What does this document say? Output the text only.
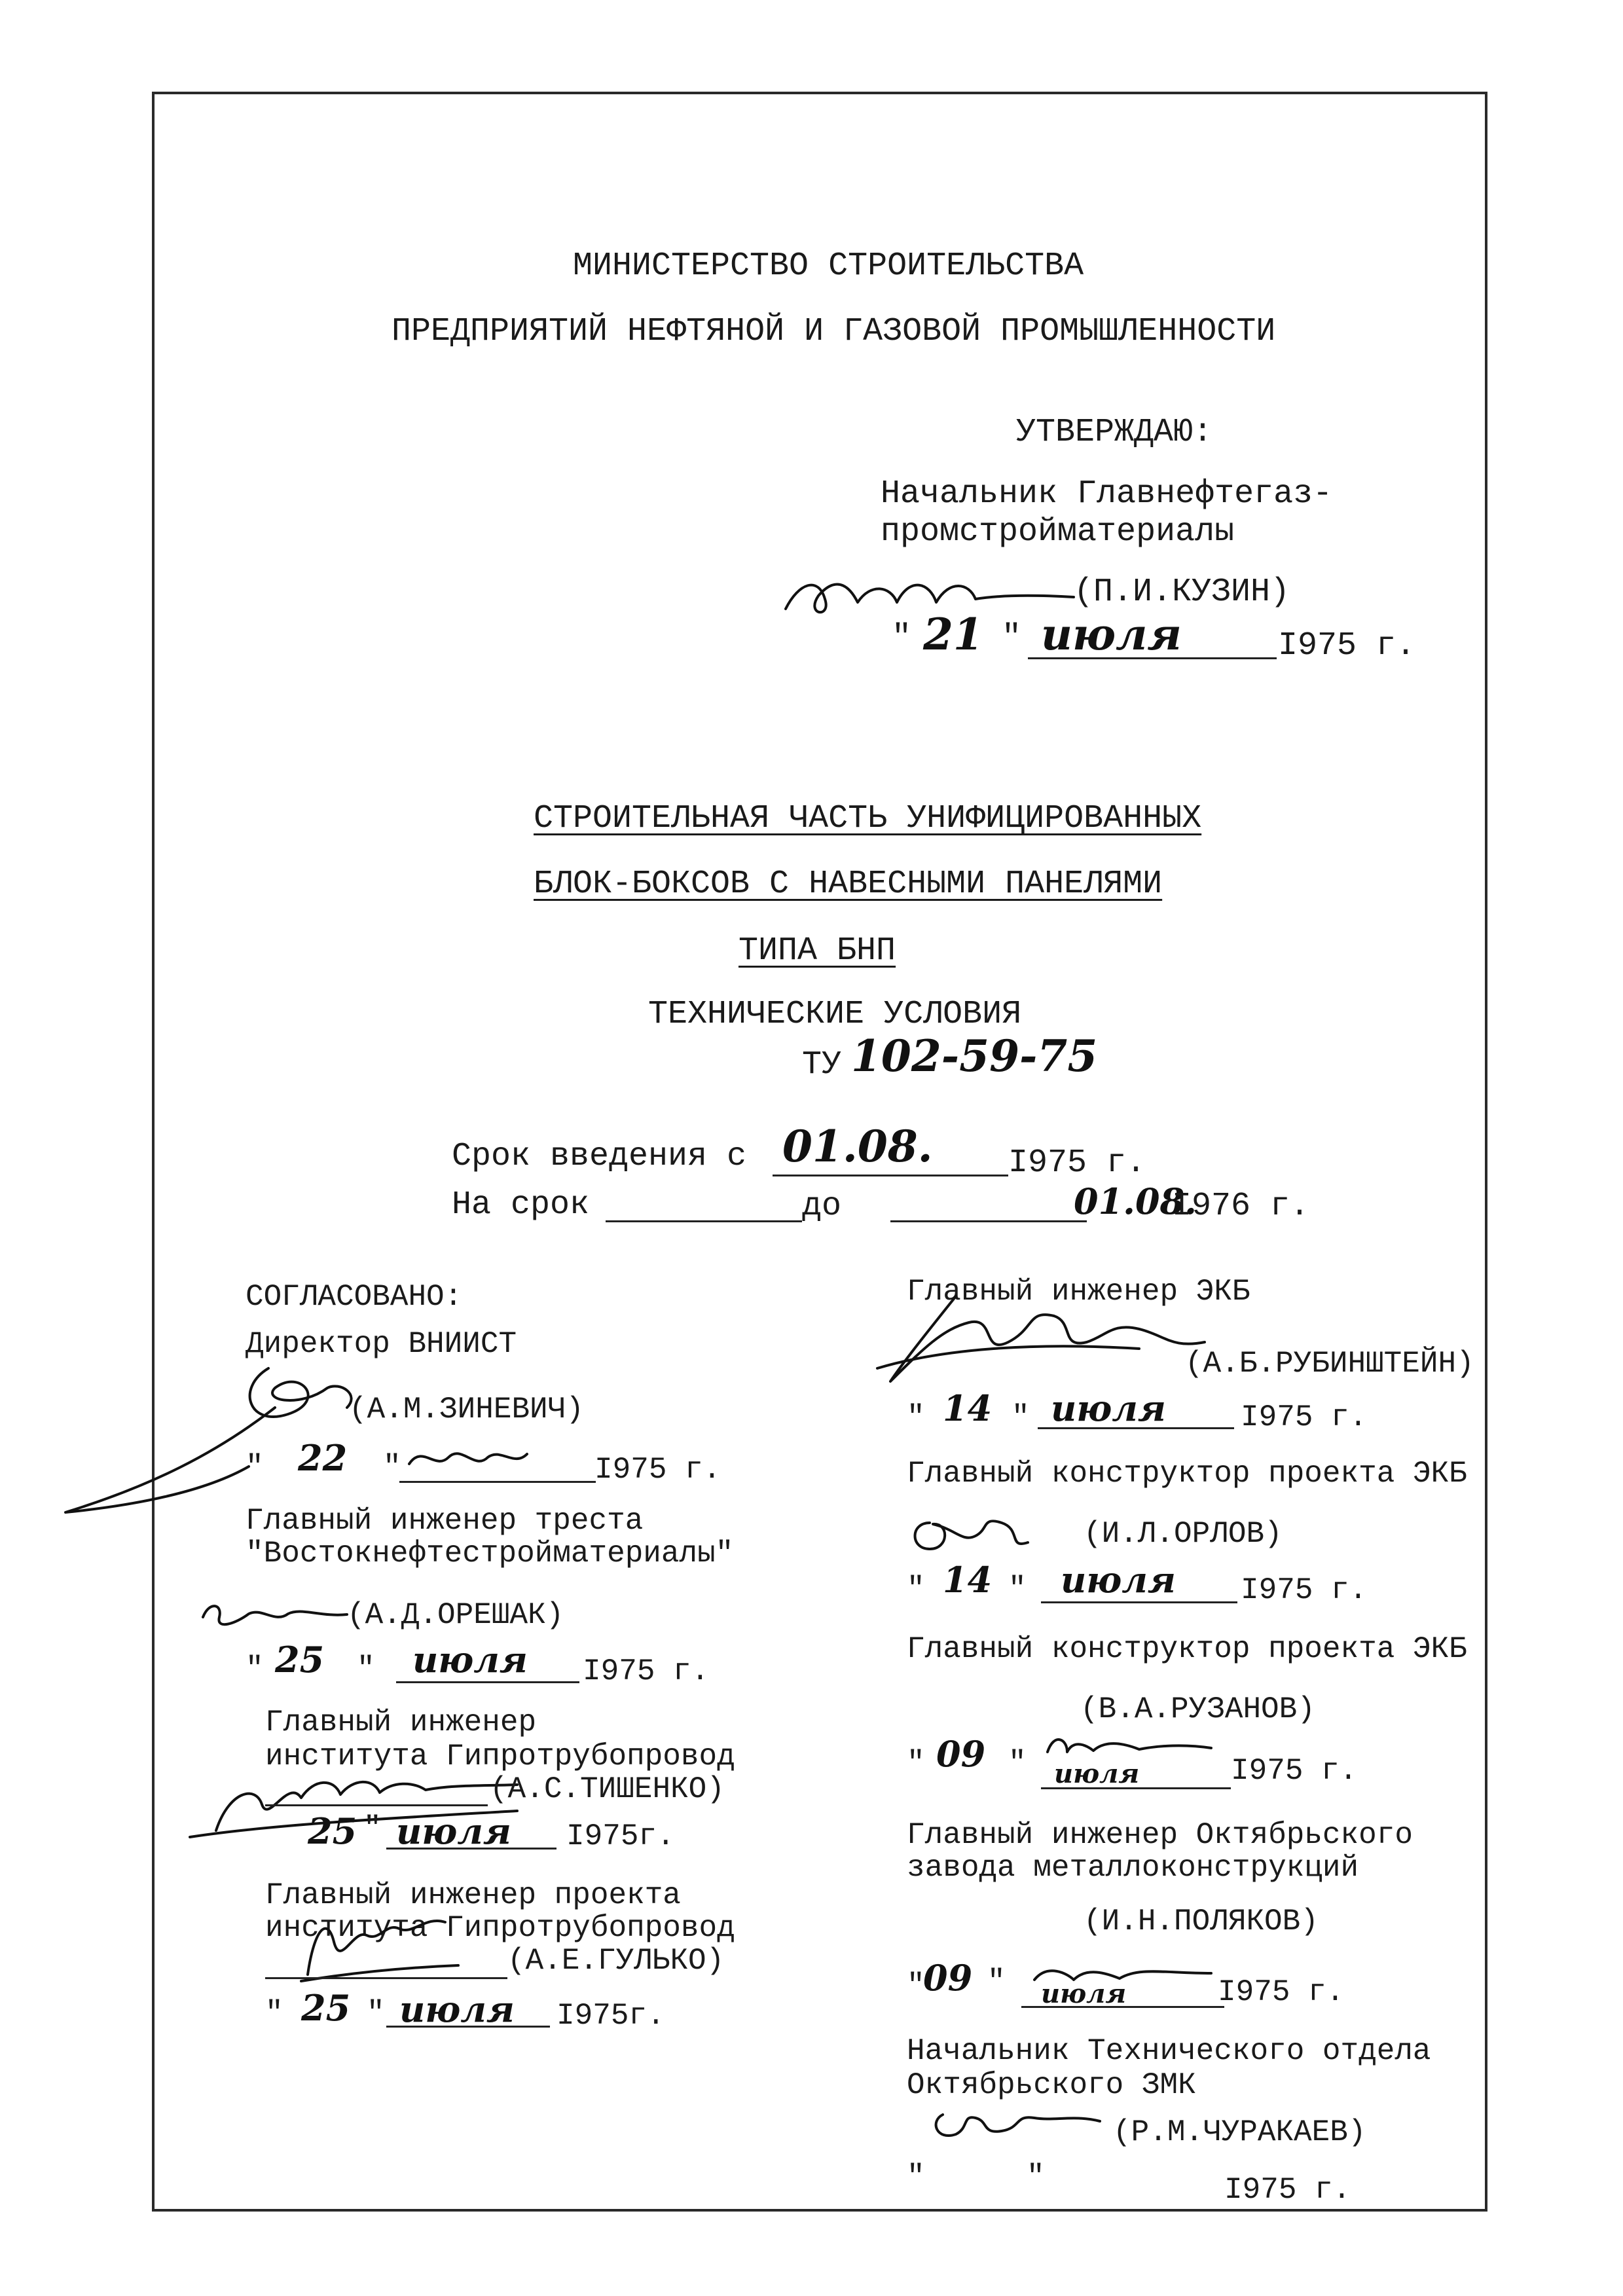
МИНИСТЕРСТВО СТРОИТЕЛЬСТВА
ПРЕДПРИЯТИЙ НЕФТЯНОЙ И ГАЗОВОЙ ПРОМЫШЛЕННОСТИ
УТВЕРЖДАЮ:
Начальник Главнефтегаз-
промстройматериалы
(П.И.КУЗИН)
" 21 " июля	I975 г.
СТРОИТЕЛЬНАЯ ЧАСТЬ УНИФИЦИРОВАННЫХ
БЛОК-БОКСОВ С НАВЕСНЫМИ ПАНЕЛЯМИ
ТИПА БНП
ТЕХНИЧЕСКИЕ УСЛОВИЯ
ТУ 102-59-75
Срок введения с 01.08. I975 г.
На срок	до	01.08.
I976 г.
СОГЛАСОВАНО:
Директор ВНИИСТ
(А.М.ЗИНЕВИЧ)
" 22 "	I975 г.
Главный инженер треста
"Востокнефтестройматериалы"
(А.Д.ОРЕШАК)
" 25 " июля I975 г.
Главный инженер
института Гипротрубопровод
(А.С.ТИШЕНКО)
25 " июля I975г.
Главный инженер проекта
института Гипротрубопровод
(А.Е.ГУЛЬКО)
" 25 " июля I975г.
Главный инженер ЭКБ
(А.Б.РУБИНШТЕЙН)
" 14 " июля I975 г.
Главный конструктор проекта ЭКБ
(И.Л.ОРЛОВ)
" 14 " июля I975 г.
Главный конструктор проекта ЭКБ
(В.А.РУЗАНОВ)
" 09 " июля	I975 г.
Главный инженер Октябрьского
завода металлоконструкций
(И.Н.ПОЛЯКОВ)
"
09 " июля	I975 г.
Начальник Технического отдела
Октябрьского ЗМК
(Р.М.ЧУРАКАЕВ)
"	"	I975 г.
